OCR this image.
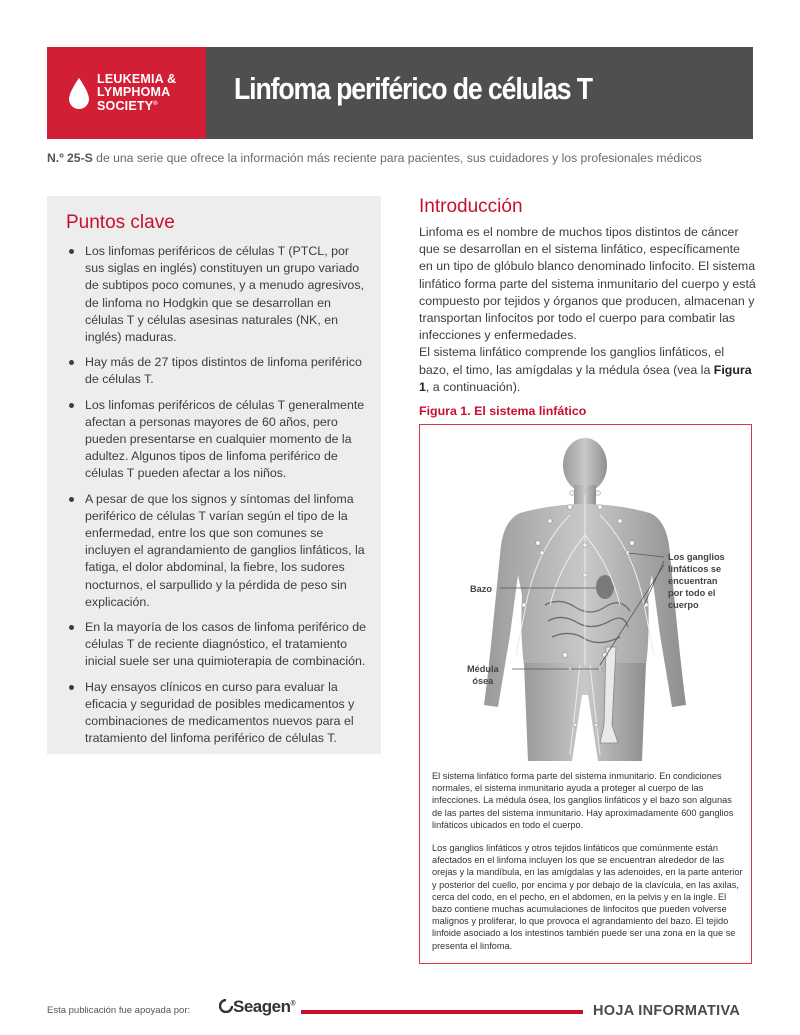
LEUKEMIA &
LYMPHOMA
SOCIETY®	Linfoma periférico de células T
N.º 25-S de una serie que ofrece la información más reciente para pacientes, sus cuidadores y los profesionales médicos
Puntos clave
Los linfomas periféricos de células T (PTCL, por sus siglas en inglés) constituyen un grupo variado de subtipos poco comunes, y a menudo agresivos, de linfoma no Hodgkin que se desarrollan en células T y células asesinas naturales (NK, en inglés) maduras.
Hay más de 27 tipos distintos de linfoma periférico de células T.
Los linfomas periféricos de células T generalmente afectan a personas mayores de 60 años, pero pueden presentarse en cualquier momento de la adultez. Algunos tipos de linfoma periférico de células T pueden afectar a los niños.
A pesar de que los signos y síntomas del linfoma periférico de células T varían según el tipo de la enfermedad, entre los que son comunes se incluyen el agrandamiento de ganglios linfáticos, la fatiga, el dolor abdominal, la fiebre, los sudores nocturnos, el sarpullido y la pérdida de peso sin explicación.
En la mayoría de los casos de linfoma periférico de células T de reciente diagnóstico, el tratamiento inicial suele ser una quimioterapia de combinación.
Hay ensayos clínicos en curso para evaluar la eficacia y seguridad de posibles medicamentos y combinaciones de medicamentos nuevos para el tratamiento del linfoma periférico de células T.
Introducción

Linfoma es el nombre de muchos tipos distintos de cáncer que se desarrollan en el sistema linfático, específicamente en un tipo de glóbulo blanco denominado linfocito. El sistema linfático forma parte del sistema inmunitario del cuerpo y está compuesto por tejidos y órganos que producen, almacenan y transportan linfocitos por todo el cuerpo para combatir las infecciones y enfermedades.

El sistema linfático comprende los ganglios linfáticos, el bazo, el timo, las amígdalas y la médula ósea (vea la Figura 1, a continuación).

Figura 1. El sistema linfático
Los ganglios
linfáticos se
encuentran
por todo el
cuerpo
Bazo
Médula
ósea

El sistema linfático forma parte del sistema inmunitario. En condiciones normales, el sistema inmunitario ayuda a proteger al cuerpo de las infecciones. La médula ósea, los ganglios linfáticos y el bazo son algunas de las partes del sistema inmunitario. Hay aproximadamente 600 ganglios linfáticos ubicados en todo el cuerpo.

Los ganglios linfáticos y otros tejidos linfáticos que comúnmente están afectados en el linfoma incluyen los que se encuentran alrededor de las orejas y la mandíbula, en las amígdalas y las adenoides, en la parte anterior y posterior del cuello, por encima y por debajo de la clavícula, en las axilas, cerca del codo, en el pecho, en el abdomen, en la pelvis y en la ingle. El bazo contiene muchas acumulaciones de linfocitos que pueden volverse malignos y proliferar, lo que provoca el agrandamiento del bazo. El tejido linfoide asociado a los intestinos también puede ser una zona en la que se presenta el linfoma.

Esta publicación fue apoyada por:	Seagen®	HOJA INFORMATIVA
